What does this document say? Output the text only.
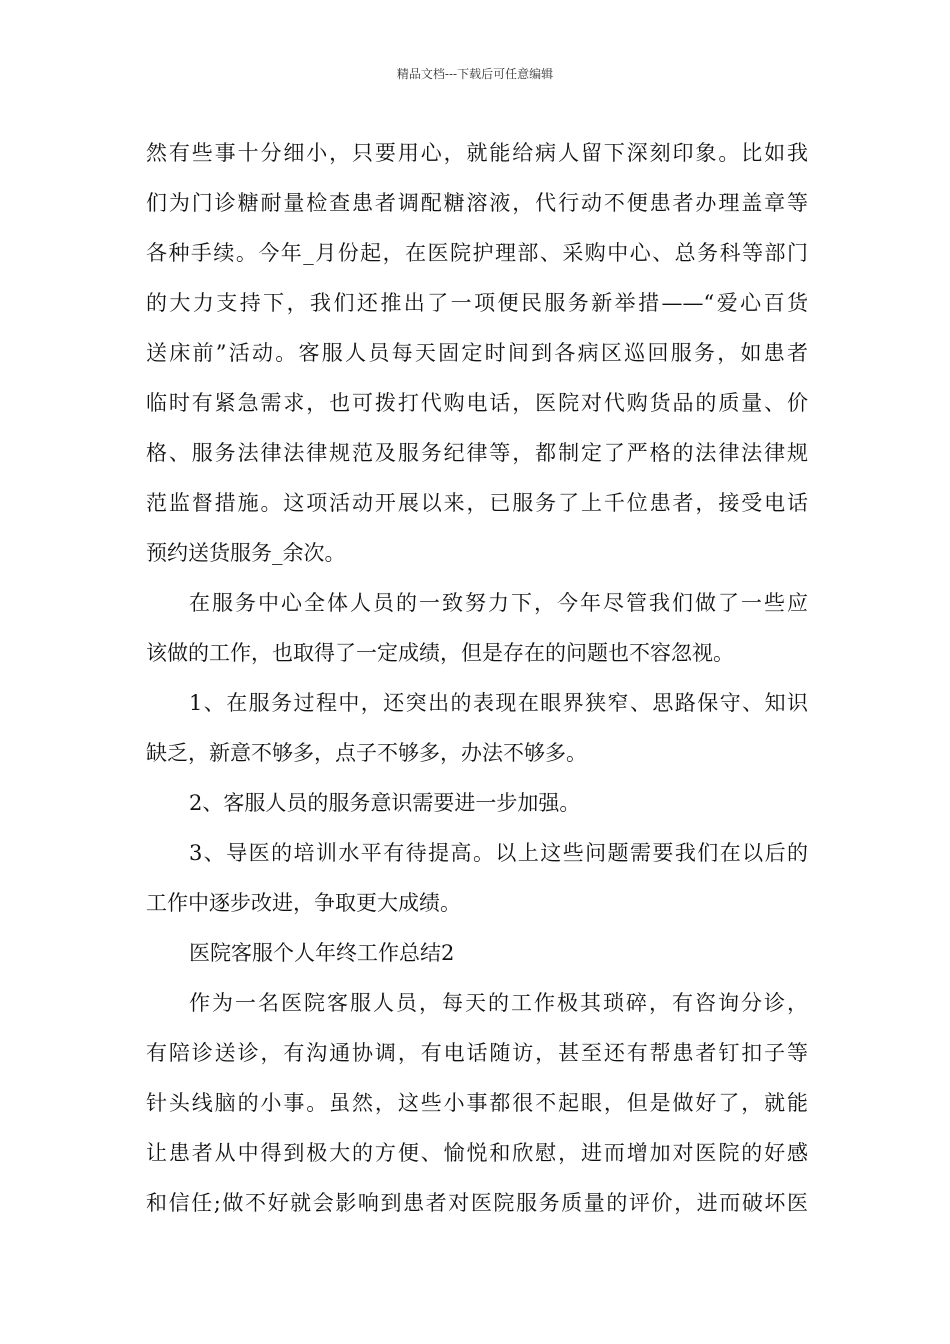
精品文档---下载后可任意编辑
然有些事十分细小，只要用心，就能给病人留下深刻印象。比如我
们为门诊糖耐量检查患者调配糖溶液，代行动不便患者办理盖章等
各种手续。今年_月份起，在医院护理部、采购中心、总务科等部门
的大力支持下，我们还推出了一项便民服务新举措——“爱心百货
送床前”活动。客服人员每天固定时间到各病区巡回服务，如患者
临时有紧急需求，也可拨打代购电话，医院对代购货品的质量、价
格、服务法律法律规范及服务纪律等，都制定了严格的法律法律规
范监督措施。这项活动开展以来，已服务了上千位患者，接受电话
预约送货服务_余次。
在服务中心全体人员的一致努力下，今年尽管我们做了一些应
该做的工作，也取得了一定成绩，但是存在的问题也不容忽视。
1、在服务过程中，还突出的表现在眼界狭窄、思路保守、知识
缺乏，新意不够多，点子不够多，办法不够多。
2、客服人员的服务意识需要进一步加强。
3、导医的培训水平有待提高。以上这些问题需要我们在以后的
工作中逐步改进，争取更大成绩。
医院客服个人年终工作总结2
作为一名医院客服人员，每天的工作极其琐碎，有咨询分诊，
有陪诊送诊，有沟通协调，有电话随访，甚至还有帮患者钉扣子等
针头线脑的小事。虽然，这些小事都很不起眼，但是做好了，就能
让患者从中得到极大的方便、愉悦和欣慰，进而增加对医院的好感
和信任;做不好就会影响到患者对医院服务质量的评价，进而破坏医
